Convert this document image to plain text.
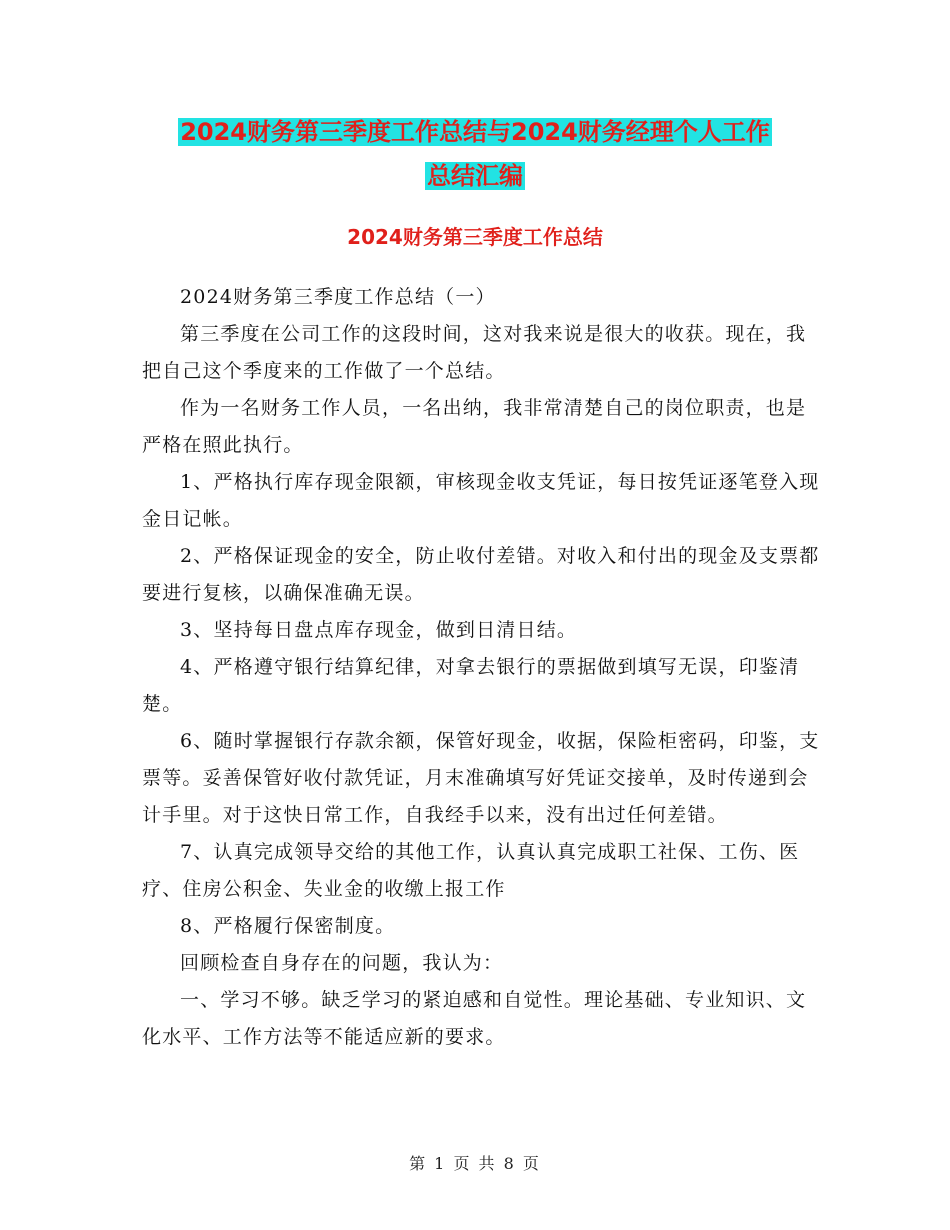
2024财务第三季度工作总结与2024财务经理个人工作
总结汇编
2024财务第三季度工作总结

2024财务第三季度工作总结（一）

第三季度在公司工作的这段时间，这对我来说是很大的收获。现在，我把自己这个季度来的工作做了一个总结。

作为一名财务工作人员，一名出纳，我非常清楚自己的岗位职责，也是严格在照此执行。

1、严格执行库存现金限额，审核现金收支凭证，每日按凭证逐笔登入现金日记帐。

2、严格保证现金的安全，防止收付差错。对收入和付出的现金及支票都要进行复核，以确保准确无误。

3、坚持每日盘点库存现金，做到日清日结。

4、严格遵守银行结算纪律，对拿去银行的票据做到填写无误，印鉴清楚。

6、随时掌握银行存款余额，保管好现金，收据，保险柜密码，印鉴，支票等。妥善保管好收付款凭证，月末准确填写好凭证交接单，及时传递到会计手里。对于这快日常工作，自我经手以来，没有出过任何差错。

7、认真完成领导交给的其他工作，认真认真完成职工社保、工伤、医疗、住房公积金、失业金的收缴上报工作

8、严格履行保密制度。

回顾检查自身存在的问题，我认为：

一、学习不够。缺乏学习的紧迫感和自觉性。理论基础、专业知识、文化水平、工作方法等不能适应新的要求。

第 1 页 共 8 页
